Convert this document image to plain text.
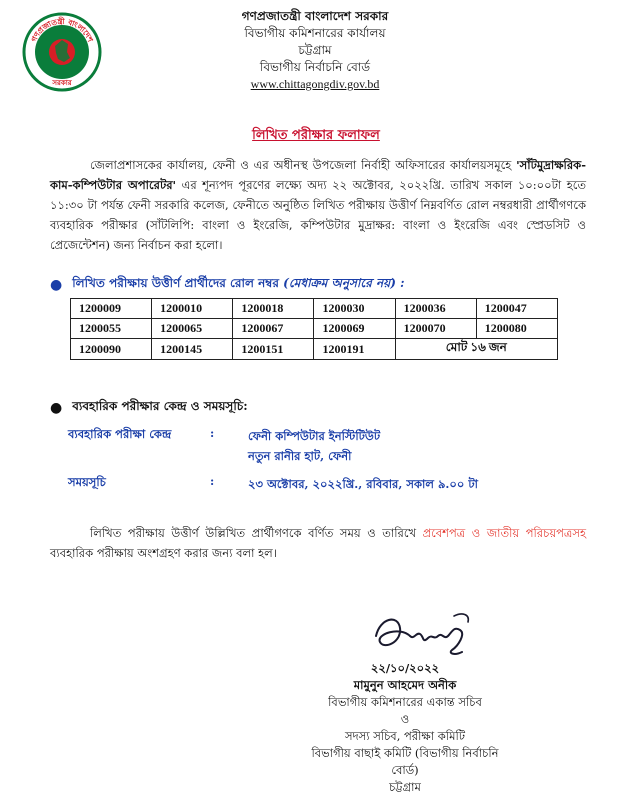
গণপ্রজাতন্ত্রী বাংলাদেশ
সরকার
গণপ্রজাতন্ত্রী বাংলাদেশ সরকার
বিভাগীয় কমিশনারের কার্যালয়
চট্টগ্রাম
বিভাগীয় নির্বাচনি বোর্ড
www.chittagongdiv.gov.bd
লিখিত পরীক্ষার ফলাফল
জেলাপ্রশাসকের কার্যালয়, ফেনী ও এর অধীনস্থ উপজেলা নির্বাহী অফিসারের কার্যালয়সমূহে 'সাঁটমুদ্রাক্ষরিক-কাম-কম্পিউটার অপারেটর' এর শূন্যপদ পূরণের লক্ষ্যে অদ্য ২২ অক্টোবর, ২০২২খ্রি. তারিখ সকাল ১০:০০টা হতে ১১:৩০ টা পর্যন্ত ফেনী সরকারি কলেজ, ফেনীতে অনুষ্ঠিত লিখিত পরীক্ষায় উত্তীর্ণ নিম্নবর্ণিত রোল নম্বরধারী প্রার্থীগণকে ব্যবহারিক পরীক্ষার (সাঁটলিপি: বাংলা ও ইংরেজি, কম্পিউটার মুদ্রাক্ষর: বাংলা ও ইংরেজি এবং স্প্রেডসিট ও প্রেজেন্টেশন) জন্য নির্বাচন করা হলো।
● লিখিত পরীক্ষায় উত্তীর্ণ প্রার্থীদের রোল নম্বর (মেধাক্রম অনুসারে নয়) :
1200009	1200010	1200018	1200030	1200036	1200047
1200055	1200065	1200067	1200069	1200070	1200080
1200090	1200145	1200151	1200191	মোট ১৬ জন	
● ব্যবহারিক পরীক্ষার কেন্দ্র ও সময়সূচি:
ব্যবহারিক পরীক্ষা কেন্দ্র	:	ফেনী কম্পিউটার ইনস্টিটিউট
নতুন রানীর হাট, ফেনী
সময়সূচি	:	২৩ অক্টোবর, ২০২২খ্রি., রবিবার, সকাল ৯.০০ টা
লিখিত পরীক্ষায় উত্তীর্ণ উল্লিখিত প্রার্থীগণকে বর্ণিত সময় ও তারিখে প্রবেশপত্র ও জাতীয় পরিচয়পত্রসহ ব্যবহারিক পরীক্ষায় অংশগ্রহণ করার জন্য বলা হল।
২২/১০/২০২২
মামুনুন আহমেদ অনীক
বিভাগীয় কমিশনারের একান্ত সচিব
ও
সদস্য সচিব, পরীক্ষা কমিটি
বিভাগীয় বাছাই কমিটি (বিভাগীয় নির্বাচনি বোর্ড)
চট্টগ্রাম
